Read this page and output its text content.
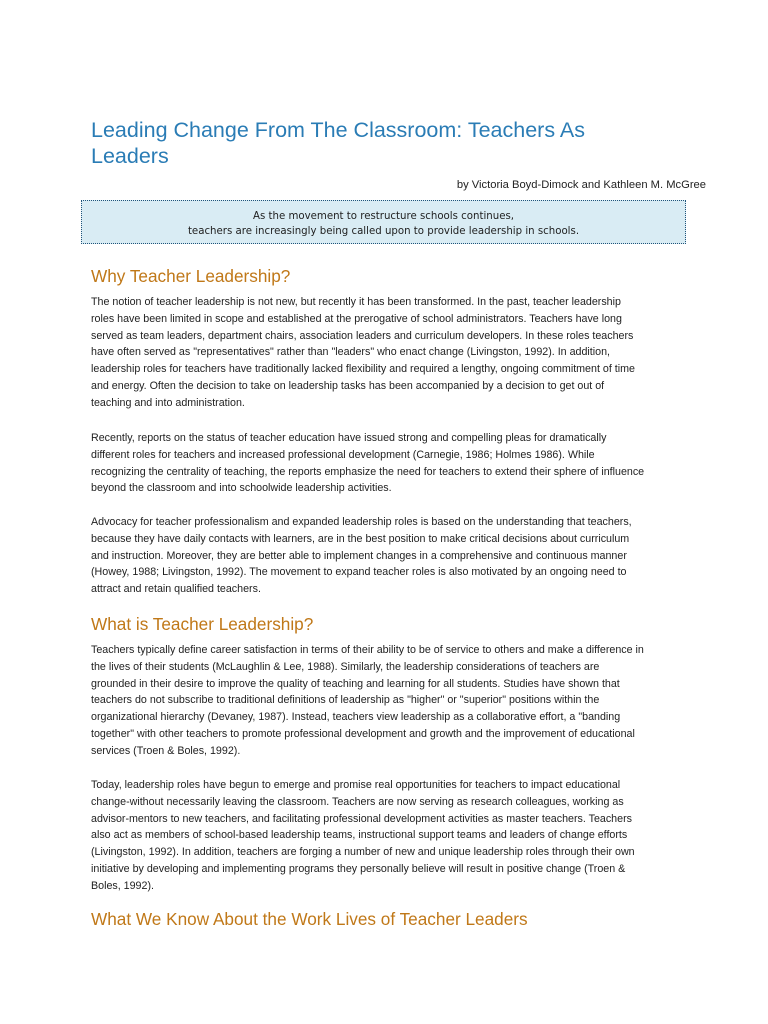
Leading Change From The Classroom: Teachers As
Leaders
by Victoria Boyd-Dimock and Kathleen M. McGree
As the movement to restructure schools continues,
teachers are increasingly being called upon to provide leadership in schools.
Why Teacher Leadership?
The notion of teacher leadership is not new, but recently it has been transformed. In the past, teacher leadership
roles have been limited in scope and established at the prerogative of school administrators. Teachers have long
served as team leaders, department chairs, association leaders and curriculum developers. In these roles teachers
have often served as "representatives" rather than "leaders" who enact change (Livingston, 1992). In addition,
leadership roles for teachers have traditionally lacked flexibility and required a lengthy, ongoing commitment of time
and energy. Often the decision to take on leadership tasks has been accompanied by a decision to get out of
teaching and into administration.
Recently, reports on the status of teacher education have issued strong and compelling pleas for dramatically
different roles for teachers and increased professional development (Carnegie, 1986; Holmes 1986). While
recognizing the centrality of teaching, the reports emphasize the need for teachers to extend their sphere of influence
beyond the classroom and into schoolwide leadership activities.
Advocacy for teacher professionalism and expanded leadership roles is based on the understanding that teachers,
because they have daily contacts with learners, are in the best position to make critical decisions about curriculum
and instruction. Moreover, they are better able to implement changes in a comprehensive and continuous manner
(Howey, 1988; Livingston, 1992). The movement to expand teacher roles is also motivated by an ongoing need to
attract and retain qualified teachers.
What is Teacher Leadership?
Teachers typically define career satisfaction in terms of their ability to be of service to others and make a difference in
the lives of their students (McLaughlin & Lee, 1988). Similarly, the leadership considerations of teachers are
grounded in their desire to improve the quality of teaching and learning for all students. Studies have shown that
teachers do not subscribe to traditional definitions of leadership as "higher" or "superior" positions within the
organizational hierarchy (Devaney, 1987). Instead, teachers view leadership as a collaborative effort, a "banding
together" with other teachers to promote professional development and growth and the improvement of educational
services (Troen & Boles, 1992).
Today, leadership roles have begun to emerge and promise real opportunities for teachers to impact educational
change-without necessarily leaving the classroom. Teachers are now serving as research colleagues, working as
advisor-mentors to new teachers, and facilitating professional development activities as master teachers. Teachers
also act as members of school-based leadership teams, instructional support teams and leaders of change efforts
(Livingston, 1992). In addition, teachers are forging a number of new and unique leadership roles through their own
initiative by developing and implementing programs they personally believe will result in positive change (Troen &
Boles, 1992).
What We Know About the Work Lives of Teacher Leaders
